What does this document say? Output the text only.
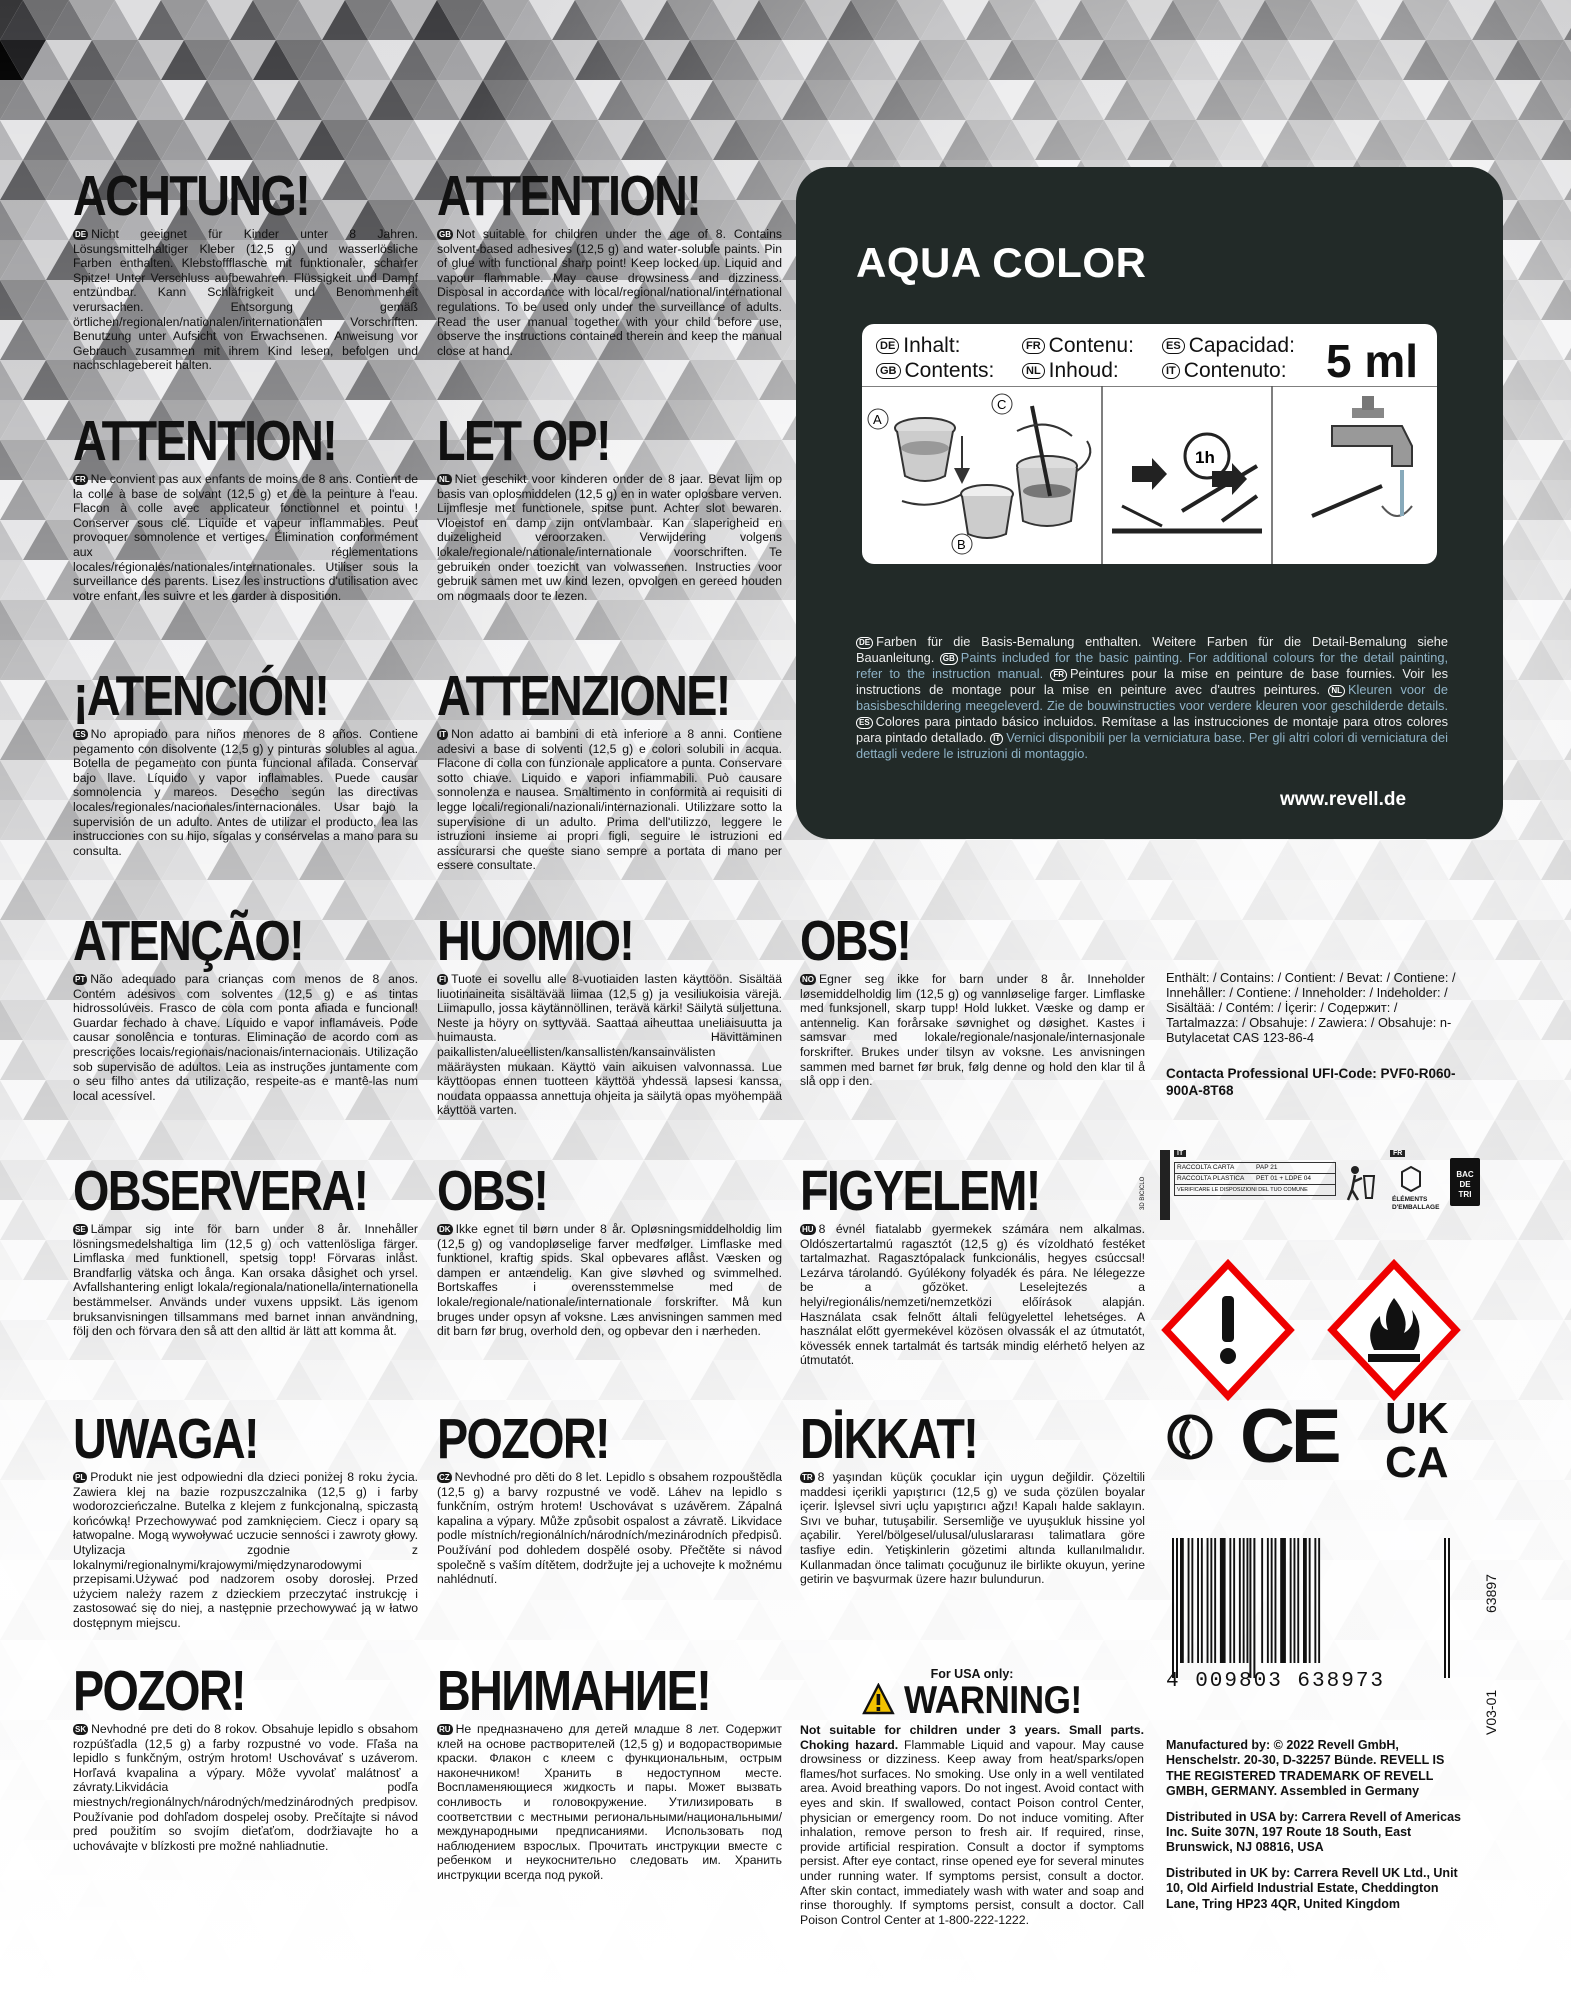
ACHTUNG!

DE Nicht geeignet für Kinder unter 8 Jahren. Lösungsmittelhaltiger Kleber (12,5 g) und wasserlösliche Farben enthalten. Klebstoffflasche mit funktionaler, scharfer Spitze! Unter Verschluss aufbewahren. Flüssigkeit und Dampf entzündbar. Kann Schläfrigkeit und Benommenheit verursachen. Entsorgung gemäß örtlichen/regionalen/nationalen/internationalen Vorschriften. Benutzung unter Aufsicht von Erwachsenen. Anweisung vor Gebrauch zusammen mit ihrem Kind lesen, befolgen und nachschlagebereit halten.

ATTENTION!

GB Not suitable for children under the age of 8. Contains solvent-based adhesives (12,5 g) and water-soluble paints. Pin of glue with functional sharp point! Keep locked up. Liquid and vapour flammable. May cause drowsiness and dizziness. Disposal in accordance with local/regional/national/international regulations. To be used only under the surveillance of adults. Read the user manual together with your child before use, observe the instructions contained therein and keep the manual close at hand.

ATTENTION!

FR Ne convient pas aux enfants de moins de 8 ans. Contient de la colle à base de solvant (12,5 g) et de la peinture à l'eau. Flacon à colle avec applicateur fonctionnel et pointu ! Conserver sous clé. Liquide et vapeur inflammables. Peut provoquer somnolence et vertiges. Élimination conformément aux réglementations locales/régionales/nationales/internationales. Utiliser sous la surveillance des parents. Lisez les instructions d'utilisation avec votre enfant, les suivre et les garder à disposition.

LET OP!

NL Niet geschikt voor kinderen onder de 8 jaar. Bevat lijm op basis van oplosmiddelen (12,5 g) en in water oplosbare verven. Lijmflesje met functionele, spitse punt. Achter slot bewaren. Vloeistof en damp zijn ontvlambaar. Kan slaperigheid en duizeligheid veroorzaken. Verwijdering volgens lokale/regionale/nationale/internationale voorschriften. Te gebruiken onder toezicht van volwassenen. Instructies voor gebruik samen met uw kind lezen, opvolgen en gereed houden om nogmaals door te lezen.

¡ATENCIÓN!

ES No apropiado para niños menores de 8 años. Contiene pegamento con disolvente (12,5 g) y pinturas solubles al agua. Botella de pegamento con punta funcional afilada. Conservar bajo llave. Líquido y vapor inflamables. Puede causar somnolencia y mareos. Desecho según las directivas locales/regionales/nacionales/internacionales. Usar bajo la supervisión de un adulto. Antes de utilizar el producto, lea las instrucciones con su hijo, sígalas y consérvelas a mano para su consulta.

ATTENZIONE!

IT Non adatto ai bambini di età inferiore a 8 anni. Contiene adesivi a base di solventi (12,5 g) e colori solubili in acqua. Flacone di colla con funzionale applicatore a punta. Conservare sotto chiave. Liquido e vapori infiammabili. Può causare sonnolenza e nausea. Smaltimento in conformità ai requisiti di legge locali/regionali/nazionali/internazionali. Utilizzare sotto la supervisione di un adulto. Prima dell'utilizzo, leggere le istruzioni insieme ai propri figli, seguire le istruzioni ed assicurarsi che queste siano sempre a portata di mano per essere consultate.

ATENÇÃO!

PT Não adequado para crianças com menos de 8 anos. Contém adesivos com solventes (12,5 g) e as tintas hidrossolúveis. Frasco de cola com ponta afiada e funcional! Guardar fechado à chave. Líquido e vapor inflamáveis. Pode causar sonolência e tonturas. Eliminação de acordo com as prescrições locais/regionais/nacionais/internacionais. Utilização sob supervisão de adultos. Leia as instruções juntamente com o seu filho antes da utilização, respeite-as e mantê-las num local acessível.

HUOMIO!

FI Tuote ei sovellu alle 8-vuotiaiden lasten käyttöön. Sisältää liuotinaineita sisältävää liimaa (12,5 g) ja vesiliukoisia värejä. Liimapullo, jossa käytännöllinen, terävä kärki! Säilytä suljettuna. Neste ja höyry on syttyvää. Saattaa aiheuttaa uneliaisuutta ja huimausta. Hävittäminen paikallisten/alueellisten/kansallisten/kansainvälisten määräysten mukaan. Käyttö vain aikuisen valvonnassa. Lue käyttöopas ennen tuotteen käyttöä yhdessä lapsesi kanssa, noudata oppaassa annettuja ohjeita ja säilytä opas myöhempää käyttöä varten.

OBS!

NO Egner seg ikke for barn under 8 år. Inneholder løsemiddelholdig lim (12,5 g) og vannløselige farger. Limflaske med funksjonell, skarp tupp! Hold lukket. Væske og damp er antennelig. Kan forårsake søvnighet og døsighet. Kastes i samsvar med lokale/regionale/nasjonale/internasjonale forskrifter. Brukes under tilsyn av voksne. Les anvisningen sammen med barnet før bruk, følg denne og hold den klar til å slå opp i den.

OBSERVERA!

SE Lämpar sig inte för barn under 8 år. Innehåller lösningsmedelshaltiga lim (12,5 g) och vattenlösliga färger. Limflaska med funktionell, spetsig topp! Förvaras inlåst. Brandfarlig vätska och ånga. Kan orsaka dåsighet och yrsel. Avfallshantering enligt lokala/regionala/nationella/internationella bestämmelser. Används under vuxens uppsikt. Läs igenom bruksanvisningen tillsammans med barnet innan användning, följ den och förvara den så att den alltid är lätt att komma åt.

OBS!

DK Ikke egnet til børn under 8 år. Opløsningsmiddelholdig lim (12,5 g) og vandopløselige farver medfølger. Limflaske med funktionel, kraftig spids. Skal opbevares aflåst. Væsken og dampen er antændelig. Kan give sløvhed og svimmelhed. Bortskaffes i overensstemmelse med de lokale/regionale/nationale/internationale forskrifter. Må kun bruges under opsyn af voksne. Læs anvisningen sammen med dit barn før brug, overhold den, og opbevar den i nærheden.

FIGYELEM!

HU 8 évnél fiatalabb gyermekek számára nem alkalmas. Oldószertartalmú ragasztót (12,5 g) és vízoldható festéket tartalmazhat. Ragasztópalack funkcionális, hegyes csúccsal! Lezárva tárolandó. Gyúlékony folyadék és pára. Ne lélegezze be a gőzöket. Leselejtezés a helyi/regionális/nemzeti/nemzetközi előírások alapján. Használata csak felnőtt általi felügyelettel lehetséges. A használat előtt gyermekével közösen olvassák el az útmutatót, kövessék ennek tartalmát és tartsák mindig elérhető helyen az útmutatót.

UWAGA!

PL Produkt nie jest odpowiedni dla dzieci poniżej 8 roku życia. Zawiera klej na bazie rozpuszczalnika (12,5 g) i farby wodorozcieńczalne. Butelka z klejem z funkcjonalną, spiczastą końcówką! Przechowywać pod zamknięciem. Ciecz i opary są łatwopalne. Mogą wywoływać uczucie senności i zawroty głowy. Utylizacja zgodnie z lokalnymi/regionalnymi/krajowymi/międzynarodowymi przepisami.Używać pod nadzorem osoby dorosłej. Przed użyciem należy razem z dzieckiem przeczytać instrukcję i zastosować się do niej, a następnie przechowywać ją w łatwo dostępnym miejscu.

POZOR!

CZ Nevhodné pro děti do 8 let. Lepidlo s obsahem rozpouštědla (12,5 g) a barvy rozpustné ve vodě. Láhev na lepidlo s funkčním, ostrým hrotem! Uschovávat s uzávěrem. Zápalná kapalina a výpary. Může způsobit ospalost a závratě. Likvidace podle místních/regionálních/národních/mezinárodních předpisů. Používání pod dohledem dospělé osoby. Přečtěte si návod společně s vaším dítětem, dodržujte jej a uchovejte k možnému nahlédnutí.

DİKKAT!

TR 8 yaşından küçük çocuklar için uygun değildir. Çözeltili maddesi içerikli yapıştırıcı (12,5 g) ve suda çözülen boyalar içerir. İşlevsel sivri uçlu yapıştırıcı ağzı! Kapalı halde saklayın. Sıvı ve buhar, tutuşabilir. Sersemliğe ve uyuşukluk hissine yol açabilir. Yerel/bölgesel/ulusal/uluslararası talimatlara göre tasfiye edin. Yetişkinlerin gözetimi altında kullanılmalıdır. Kullanmadan önce talimatı çocuğunuz ile birlikte okuyun, yerine getirin ve başvurmak üzere hazır bulundurun.

POZOR!

SK Nevhodné pre deti do 8 rokov. Obsahuje lepidlo s obsahom rozpúšťadla (12,5 g) a farby rozpustné vo vode. Fľaša na lepidlo s funkčným, ostrým hrotom! Uschovávať s uzáverom. Horľavá kvapalina a výpary. Môže vyvolať malátnosť a závraty.Likvidácia podľa miestnych/regionálnych/národných/medzinárodných predpisov. Používanie pod dohľadom dospelej osoby. Prečítajte si návod pred použitím so svojím dieťaťom, dodržiavajte ho a uchovávajte v blízkosti pre možné nahliadnutie.

ВНИМАНИЕ!

RU Не предназначено для детей младше 8 лет. Содержит клей на основе растворителей (12,5 g) и водорастворимые краски. Флакон с клеем с функциональным, острым наконечником! Хранить в недоступном месте. Воспламеняющиеся жидкость и пары. Может вызвать сонливость и головокружение. Утилизировать в соответствии с местными региональными/национальными/международными предписаниями. Использовать под наблюдением взрослых. Прочитать инструкции вместе с ребенком и неукоснительно следовать им. Хранить инструкции всегда под рукой.

AQUA COLOR
DE Inhalt:
GB Contents:
FR Contenu:
NL Inhoud:
ES Capacidad:
IT Contenuto: 5 ml
A
B
C
1h
DE Farben für die Basis-Bemalung enthalten. Weitere Farben für die Detail-Bemalung siehe Bauanleitung. GB Paints included for the basic painting. For additional colours for the detail painting, refer to the instruction manual. FR Peintures pour la mise en peinture de base fournies. Voir les instructions de montage pour la mise en peinture avec d'autres peintures. NL Kleuren voor de basisbeschildering meegeleverd. Zie de bouwinstructies voor verdere kleuren voor geschilderde details. ES Colores para pintado básico incluidos. Remítase a las instrucciones de montaje para otros colores para pintado detallado. IT Vernici disponibili per la verniciatura base. Per gli altri colori di verniciatura dei dettagli vedere le istruzioni di montaggio.
www.revell.de
Enthält: / Contains: / Contient: / Bevat: / Contiene: / Innehåller: / Contiene: / Inneholder: / Indeholder: / Sisältää: / Contém: / İçerir: / Содержит: / Tartalmazza: / Obsahuje: / Zawiera: / Obsahuje: n-Butylacetat CAS 123-86-4
Contacta Professional UFI-Code: PVF0-R060-900A-8T68
3D BICICLO
IT
RACCOLTA CARTA	PAP 21
RACCOLTA PLASTICA	PET 01 + LDPE 04
VERIFICARE LE DISPOSIZIONI DEL TUO COMUNE
FR
ÉLÉMENTS
D'EMBALLAGE
BAC
DE
TRI
CE UK
CA
4 009803 638973
63897
V03-01
For USA only:
WARNING!

Not suitable for children under 3 years. Small parts. Choking hazard. Flammable Liquid and vapour. May cause drowsiness or dizziness. Keep away from heat/sparks/open flames/hot surfaces. No smoking. Use only in a well ventilated area. Avoid breathing vapors. Do not ingest. Avoid contact with eyes and skin. If swallowed, contact Poison control Center, physician or emergency room. Do not induce vomiting. After inhalation, remove person to fresh air. If required, rinse, provide artificial respiration. Consult a doctor if symptoms persist. After eye contact, rinse opened eye for several minutes under running water. If symptoms persist, consult a doctor. After skin contact, immediately wash with water and soap and rinse thoroughly. If symptoms persist, consult a doctor. Call Poison Control Center at 1-800-222-1222.

Manufactured by: © 2022 Revell GmbH, Henschelstr. 20-30, D-32257 Bünde. REVELL IS THE REGISTERED TRADEMARK OF REVELL GMBH, GERMANY. Assembled in Germany
Distributed in USA by: Carrera Revell of Americas Inc. Suite 307N, 197 Route 18 South, East Brunswick, NJ 08816, USA
Distributed in UK by: Carrera Revell UK Ltd., Unit 10, Old Airfield Industrial Estate, Cheddington Lane, Tring HP23 4QR, United Kingdom
